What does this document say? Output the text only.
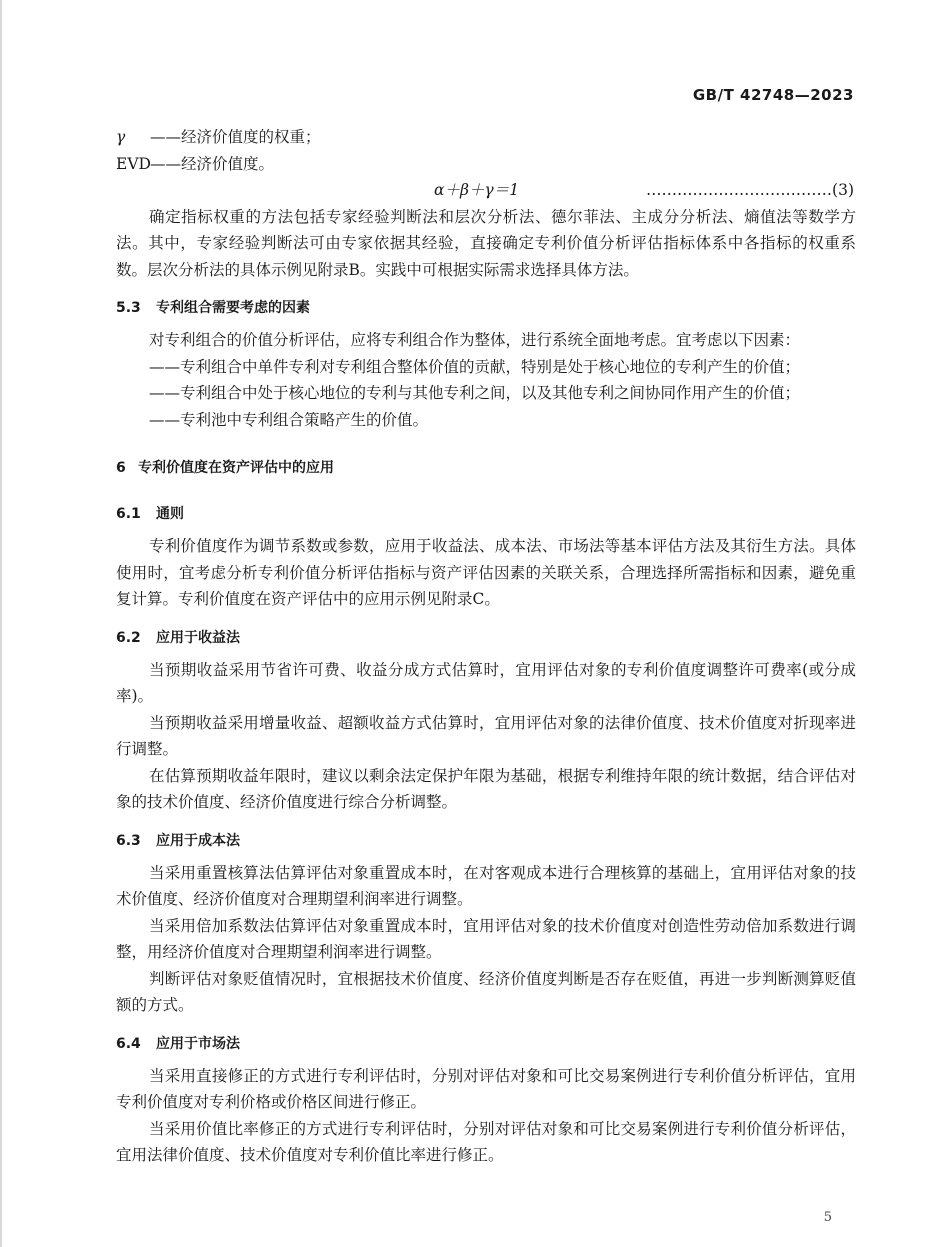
GB/T 42748—2023
γ	——经济价值度的权重；
EVD ——经济价值度。
α＋β＋γ＝1	………………………………(3)

确定指标权重的方法包括专家经验判断法和层次分析法、德尔菲法、主成分分析法、熵值法等数学方法。其中，专家经验判断法可由专家依据其经验，直接确定专利价值分析评估指标体系中各指标的权重系数。层次分析法的具体示例见附录B。实践中可根据实际需求选择具体方法。

5.3 专利组合需要考虑的因素

对专利组合的价值分析评估，应将专利组合作为整体，进行系统全面地考虑。宜考虑以下因素：

——专利组合中单件专利对专利组合整体价值的贡献，特别是处于核心地位的专利产生的价值；
——专利组合中处于核心地位的专利与其他专利之间，以及其他专利之间协同作用产生的价值；
——专利池中专利组合策略产生的价值。
6 专利价值度在资产评估中的应用
6.1 通则

专利价值度作为调节系数或参数，应用于收益法、成本法、市场法等基本评估方法及其衍生方法。具体使用时，宜考虑分析专利价值分析评估指标与资产评估因素的关联关系，合理选择所需指标和因素，避免重复计算。专利价值度在资产评估中的应用示例见附录C。

6.2 应用于收益法

当预期收益采用节省许可费、收益分成方式估算时，宜用评估对象的专利价值度调整许可费率(或分成率)。

当预期收益采用增量收益、超额收益方式估算时，宜用评估对象的法律价值度、技术价值度对折现率进行调整。

在估算预期收益年限时，建议以剩余法定保护年限为基础，根据专利维持年限的统计数据，结合评估对象的技术价值度、经济价值度进行综合分析调整。

6.3 应用于成本法

当采用重置核算法估算评估对象重置成本时，在对客观成本进行合理核算的基础上，宜用评估对象的技术价值度、经济价值度对合理期望利润率进行调整。

当采用倍加系数法估算评估对象重置成本时，宜用评估对象的技术价值度对创造性劳动倍加系数进行调整，用经济价值度对合理期望利润率进行调整。

判断评估对象贬值情况时，宜根据技术价值度、经济价值度判断是否存在贬值，再进一步判断测算贬值额的方式。

6.4 应用于市场法

当采用直接修正的方式进行专利评估时，分别对评估对象和可比交易案例进行专利价值分析评估，宜用专利价值度对专利价格或价格区间进行修正。

当采用价值比率修正的方式进行专利评估时，分别对评估对象和可比交易案例进行专利价值分析评估，宜用法律价值度、技术价值度对专利价值比率进行修正。

5
